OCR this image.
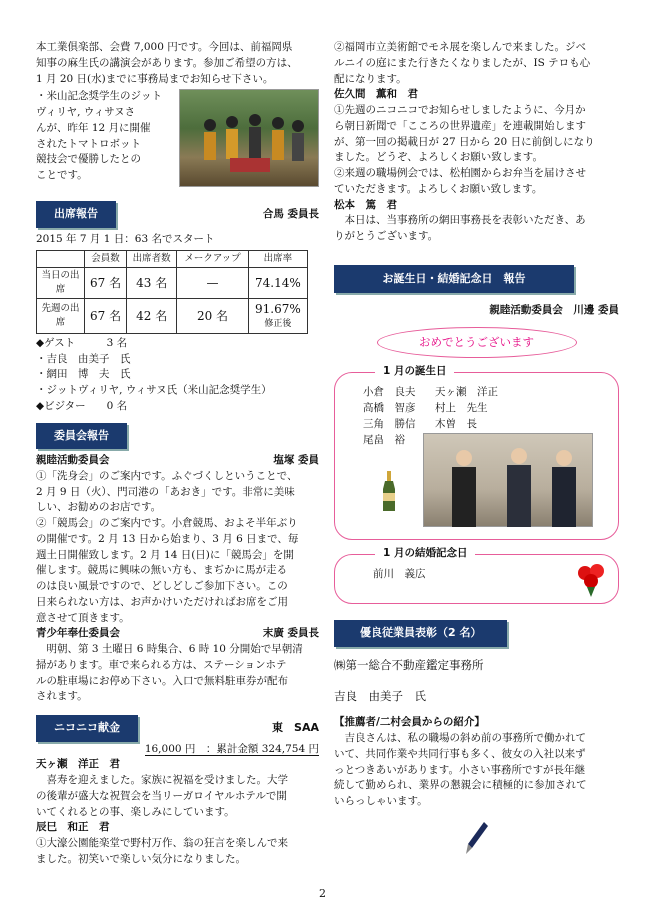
本工業俱楽部、会費 7,000 円です。今回は、前福岡県

知事の麻生氏の講演会があります。参加ご希望の方は、

1 月 20 日(水)までに事務局までお知らせ下さい。

・米山記念奨学生のジット

ヴィリヤ, ウィサヌさ

んが、昨年 12 月に開催

されたトマトロボット

競技会で優勝したとの

ことです。

出席報告	合馬 委員長

2015 年 7 月 1 日：63 名でスタート

	会員数	出席者数	メークアップ	出席率
当日の出席	67 名	43 名	—	74.14%
先週の出席	67 名	42 名	20 名	91.67%
修正後

◆ゲスト　　　3 名

・吉良　由美子　氏

・網田　博　夫　氏

・ジットヴィリヤ, ウィサヌ氏（米山記念奨学生）

◆ビジター　　0 名

委員会報告
親睦活動委員会	塩塚 委員

①「洗身会」のご案内です。ふぐづくしということで、

2 月 9 日（火）、門司港の「あおき」です。非常に美味

しい、お勧めのお店です。

②「競馬会」のご案内です。小倉競馬、およそ半年ぶり

の開催です。2 月 13 日から始まり、3 月 6 日まで、毎

週土日開催致します。2 月 14 日(日)に「競馬会」を開

催します。競馬に興味の無い方も、まぢかに馬が走る

のは良い風景ですので、どしどしご参加下さい。この

日来られない方は、お声かけいただければお席をご用

意させて頂きます。

青少年奉仕委員会	末廣 委員長

　明朝、第 3 土曜日 6 時集合、6 時 10 分開始で早朝清

掃があります。車で来られる方は、ステーションホテ

ルの駐車場にお停め下さい。入口で無料駐車券が配布

されます。

ニコニコ献金	東　SAA

16,000 円　：累計金額 324,754 円

天ヶ瀬　洋正　君

　喜寿を迎えました。家族に祝福を受けました。大学

の後輩が盛大な祝賀会を当リーガロイヤルホテルで開

いてくれるとの事、楽しみにしています。

辰巳　和正　君

①大濠公園能楽堂で野村万作、翁の狂言を楽しんで来

ました。初笑いで楽しい気分になりました。

②福岡市立美術館でモネ展を楽しんで来ました。ジベ

ルニイの庭にまた行きたくなりましたが、IS テロも心

配になります。

佐久間　薫和　君

①先週のニコニコでお知らせしましたように、今月か

ら朝日新聞で「こころの世界遺産」を連載開始します

が、第一回の掲載日が 27 日から 20 日に前倒しになり

ました。どうぞ、よろしくお願い致します。

②来週の職場例会では、松柏園からお弁当を届けさせ

ていただきます。よろしくお願い致します。

松本　篤　君

　本日は、当事務所の網田事務長を表彰いただき、あ

りがとうございます。

お誕生日・結婚記念日　報告

親睦活動委員会　川邊 委員

おめでとうございます
1 月の誕生日
小倉　良夫	天ヶ瀬　洋正
高橋　智彦	村上　先生
三角　勝信	木曽　長
尾畠　裕
1 月の結婚記念日
前川　義広
優良従業員表彰（2 名）

㈱第一総合不動産鑑定事務所

吉良　由美子　氏

【推薦者/二村会員からの紹介】

　吉良さんは、私の職場の斜め前の事務所で働かれて

いて、共同作業や共同行事も多く、彼女の入社以来ず

っとつきあいがあります。小さい事務所ですが長年継

続して勤められ、業界の懇親会に積極的に参加されて

いらっしゃいます。

2
